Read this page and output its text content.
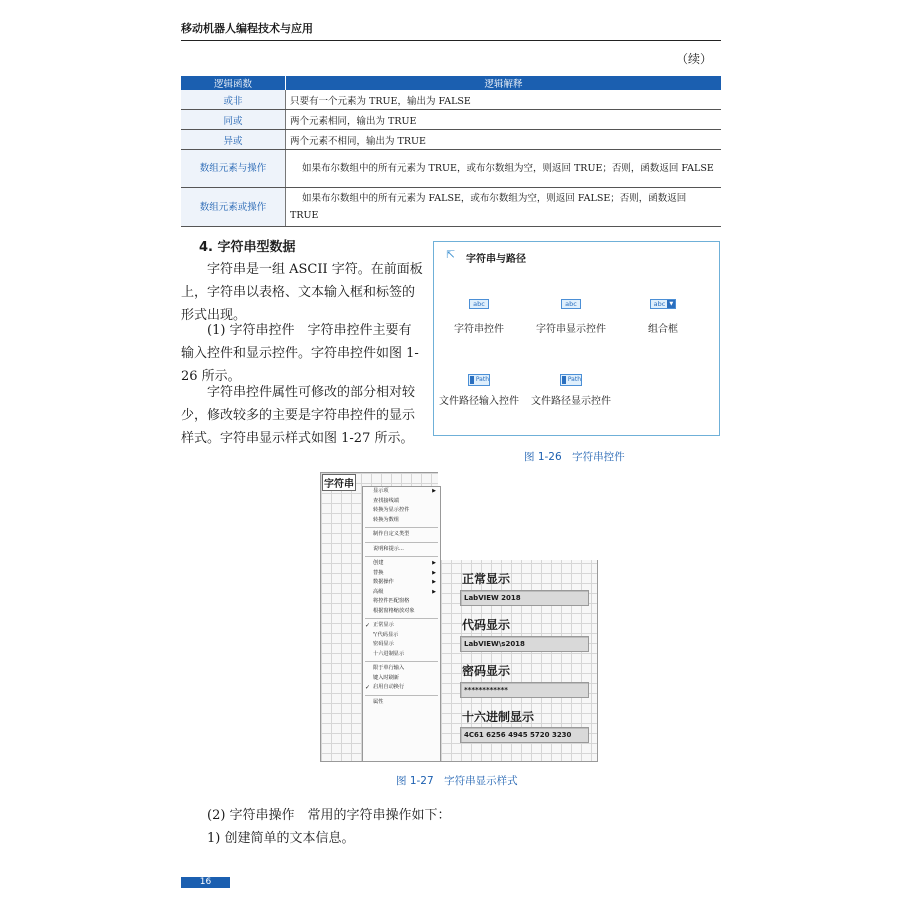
移动机器人编程技术与应用
（续）
逻辑函数	逻辑解释
或非	只要有一个元素为 TRUE，输出为 FALSE
同或	两个元素相同，输出为 TRUE
异或	两个元素不相同，输出为 TRUE
数组元素与操作	如果布尔数组中的所有元素为 TRUE，或布尔数组为空，则返回 TRUE；否则，函数返回 FALSE
数组元素或操作	如果布尔数组中的所有元素为 FALSE，或布尔数组为空，则返回 FALSE；否则，函数返回 TRUE
4. 字符串型数据
字符串是一组 ASCII 字符。在前面板上，字符串以表格、文本输入框和标签的形式出现。
(1) 字符串控件　字符串控件主要有输入控件和显示控件。字符串控件如图 1-26 所示。
字符串控件属性可修改的部分相对较少，修改较多的主要是字符串控件的显示样式。字符串显示样式如图 1-27 所示。
⇱ 字符串与路径
abc
字符串控件
abc
字符串显示控件
abc ▼

组合框
Path
文件路径输入控件
Path
文件路径显示控件
图 1-26　字符串控件
字符串
显示项	▶
查找接线端
转换为显示控件
转换为数组
制作自定义类型
说明和提示...
创建	▶
替换	▶
数据操作	▶
高级	▶
将控件匹配窗格
根据窗格缩放对象
✓ 正常显示
'\'代码显示
密码显示
十六进制显示
限于单行输入
键入时刷新
✓ 启用自动换行
属性
正常显示
LabVIEW 2018
代码显示
LabVIEW\s2018
密码显示
************
十六进制显示
4C61 6256 4945 5720 3230
图 1-27　字符串显示样式
(2) 字符串操作　常用的字符串操作如下：
1) 创建简单的文本信息。
16
